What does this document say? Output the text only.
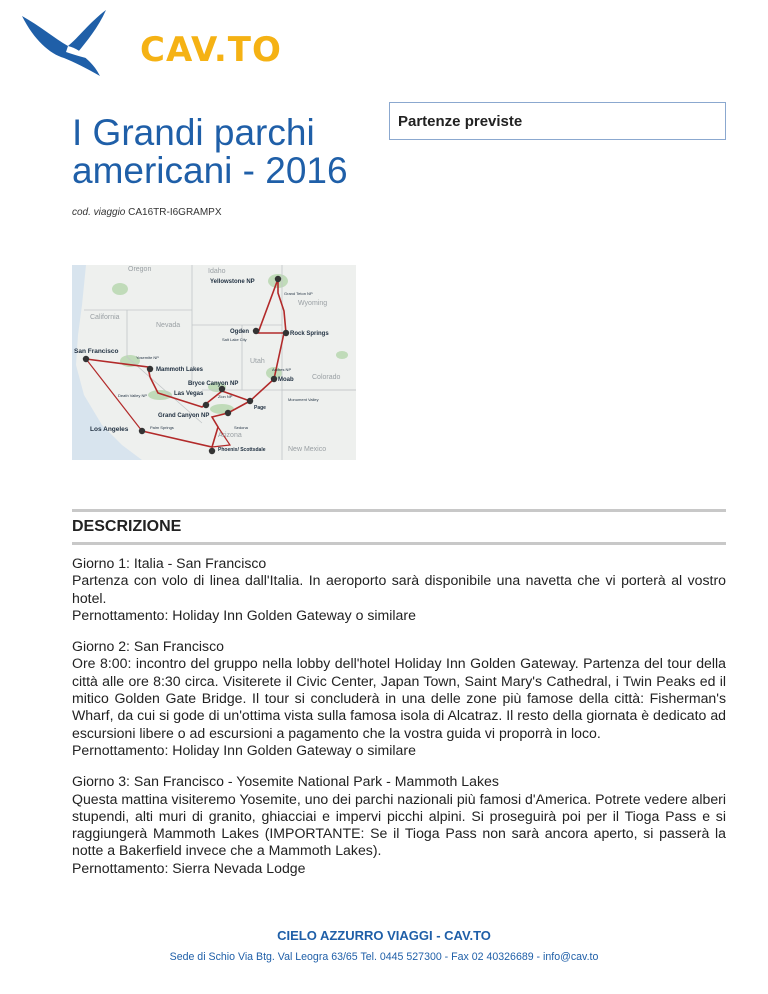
CAV.TO
I Grandi parchi
americani - 2016
Partenze previste
cod. viaggio CA16TR-I6GRAMPX
Oregon	Idaho
California
Nevada
Wyoming
Utah
Colorado
Arizona
New Mexico
San Francisco
Yosemite NP
Mammoth Lakes
Death Valley NP	Las Vegas
Bryce Canyon NP
Zion NP
Page
Monument Valley
Grand Canyon NP
Sedona
Phoenix/ Scottsdale
Palm Springs
Los Angeles
Arches NP
Moab
Rock Springs
Ogden
Salt Lake City
Yellowstone NP
Grand Teton NP
DESCRIZIONE

Giorno 1: Italia - San Francisco

Partenza con volo di linea dall'Italia. In aeroporto sarà disponibile una navetta che vi porterà al vostro hotel.

Pernottamento: Holiday Inn Golden Gateway o similare

Giorno 2: San Francisco

Ore 8:00: incontro del gruppo nella lobby dell'hotel Holiday Inn Golden Gateway. Partenza del tour della città alle ore 8:30 circa. Visiterete il Civic Center, Japan Town, Saint Mary's Cathedral, i Twin Peaks ed il mitico Golden Gate Bridge. Il tour si concluderà in una delle zone più famose della città: Fisherman's Wharf, da cui si gode di un'ottima vista sulla famosa isola di Alcatraz. Il resto della giornata è dedicato ad escursioni libere o ad escursioni a pagamento che la vostra guida vi proporrà in loco.

Pernottamento: Holiday Inn Golden Gateway o similare

Giorno 3: San Francisco - Yosemite National Park - Mammoth Lakes

Questa mattina visiteremo Yosemite, uno dei parchi nazionali più famosi d'America. Potrete vedere alberi stupendi, alti muri di granito, ghiacciai e impervi picchi alpini. Si proseguirà poi per il Tioga Pass e si raggiungerà Mammoth Lakes (IMPORTANTE: Se il Tioga Pass non sarà ancora aperto, si passerà la notte a Bakerfield invece che a Mammoth Lakes).

Pernottamento: Sierra Nevada Lodge

CIELO AZZURRO VIAGGI - CAV.TO
Sede di Schio Via Btg. Val Leogra 63/65 Tel. 0445 527300 - Fax 02 40326689 - info@cav.to
